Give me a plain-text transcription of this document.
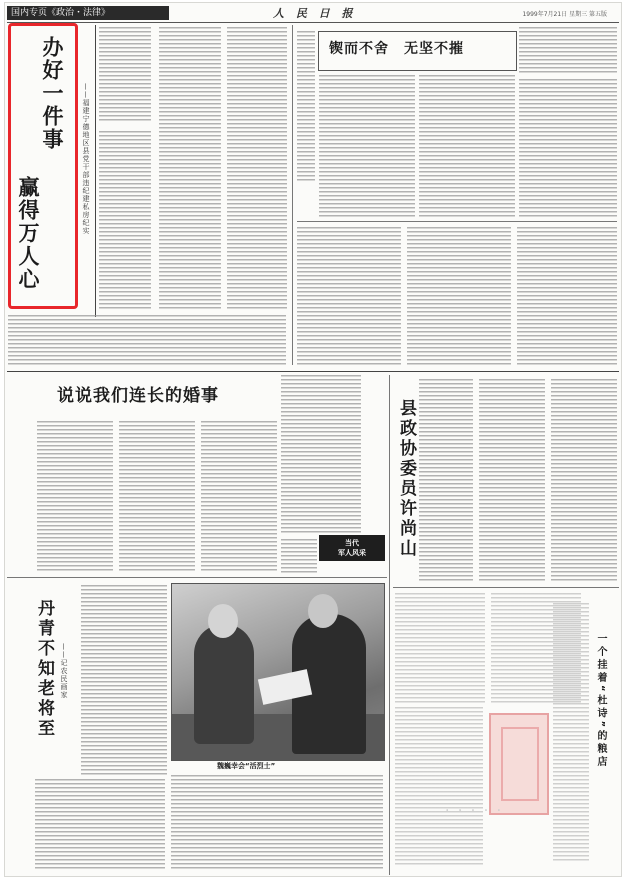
国内专页《政治・法律》	人 民 日 报	1999年7月21日 星期三 第五版
办好一件事
赢得万人心	——福建宁德地区县党干部违纪建私房纪实
锲而不舍　无坚不摧
说说我们连长的婚事
当代
军人风采	县政协委员许尚山
一个挂着“杜诗”的粮店
· · · · ·
丹青不知老将至 ——记农民画家
魏巍幸会“活烈士”
